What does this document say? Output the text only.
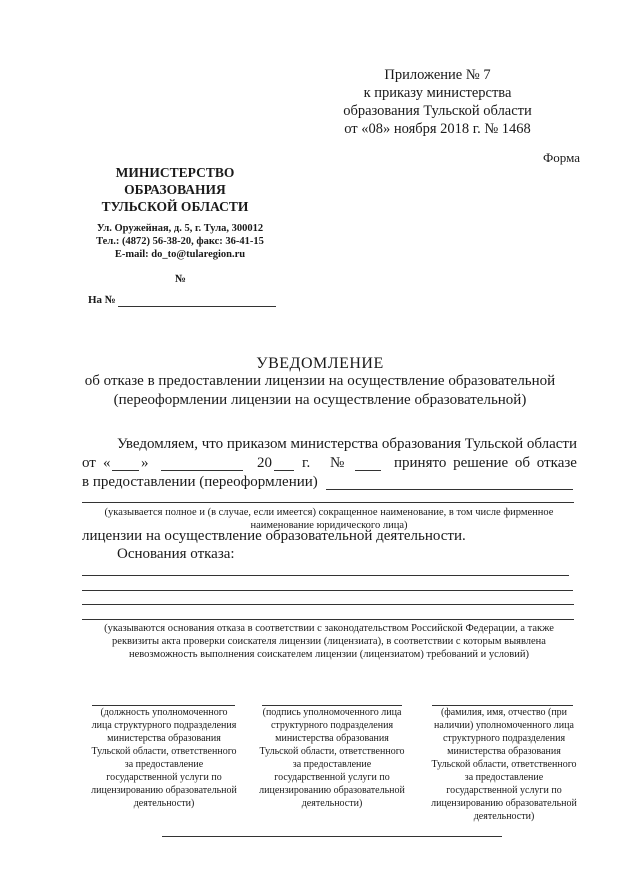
Приложение № 7
к приказу министерства
образования Тульской области
от «08» ноября 2018 г. № 1468
Форма
МИНИСТЕРСТВО
ОБРАЗОВАНИЯ
ТУЛЬСКОЙ ОБЛАСТИ
Ул. Оружейная, д. 5, г. Тула, 300012
Тел.: (4872) 56-38-20, факс: 36-41-15
E-mail: do_to@tularegion.ru
№
На №
УВЕДОМЛЕНИЕ
об отказе в предоставлении лицензии на осуществление образовательной
(переоформлении лицензии на осуществление образовательной)
Уведомляем, что приказом министерства образования Тульской области
от « »	20 г. №	принято решение об отказе
в предоставлении (переоформлении)
(указывается полное и (в случае, если имеется) сокращенное наименование, в том числе фирменное
наименование юридического лица)
лицензии на осуществление образовательной деятельности.
Основания отказа:
(указываются основания отказа в соответствии с законодательством Российской Федерации, а также
реквизиты акта проверки соискателя лицензии (лицензиата), в соответствии с которым выявлена
невозможность выполнения соискателем лицензии (лицензиатом) требований и условий)
(должность уполномоченного
лица структурного подразделения
министерства образования
Тульской области, ответственного
за предоставление
государственной услуги по
лицензированию образовательной
деятельности)
(подпись уполномоченного лица
структурного подразделения
министерства образования
Тульской области, ответственного
за предоставление
государственной услуги по
лицензированию образовательной
деятельности)
(фамилия, имя, отчество (при
наличии) уполномоченного лица
структурного подразделения
министерства образования
Тульской области, ответственного
за предоставление
государственной услуги по
лицензированию образовательной
деятельности)
